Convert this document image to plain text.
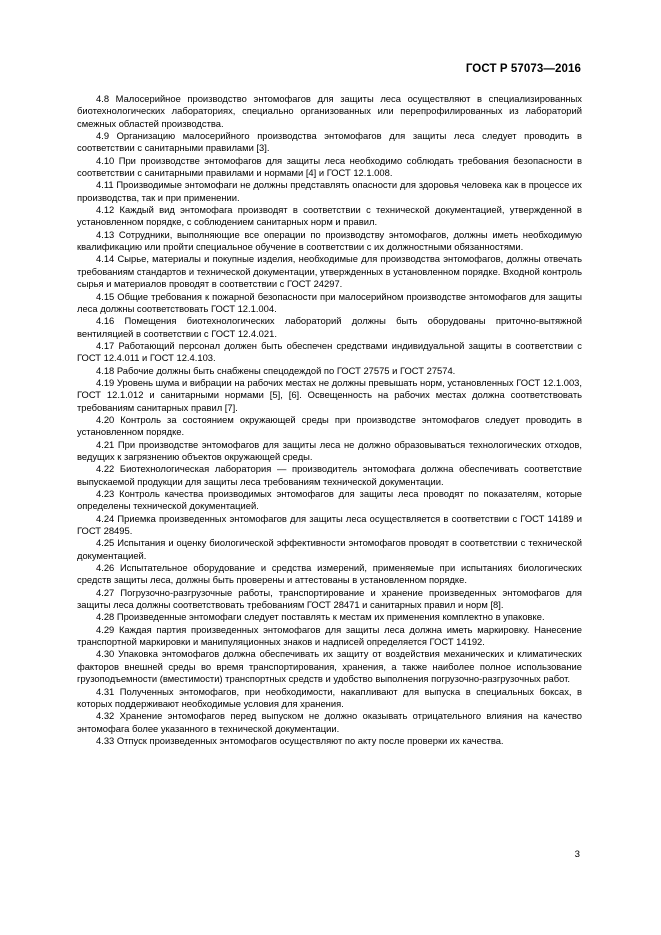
ГОСТ Р 57073—2016

4.8 Малосерийное производство энтомофагов для защиты леса осуществляют в специализированных биотехнологических лабораториях, специально организованных или перепрофилированных из лабораторий смежных областей производства.

4.9 Организацию малосерийного производства энтомофагов для защиты леса следует проводить в соответствии с санитарными правилами [3].

4.10 При производстве энтомофагов для защиты леса необходимо соблюдать требования безопасности в соответствии с санитарными правилами и нормами [4] и ГОСТ 12.1.008.

4.11 Производимые энтомофаги не должны представлять опасности для здоровья человека как в процессе их производства, так и при применении.

4.12 Каждый вид энтомофага производят в соответствии с технической документацией, утвержденной в установленном порядке, с соблюдением санитарных норм и правил.

4.13 Сотрудники, выполняющие все операции по производству энтомофагов, должны иметь необходимую квалификацию или пройти специальное обучение в соответствии с их должностными обязанностями.

4.14 Сырье, материалы и покупные изделия, необходимые для производства энтомофагов, должны отвечать требованиям стандартов и технической документации, утвержденных в установленном порядке. Входной контроль сырья и материалов проводят в соответствии с ГОСТ 24297.

4.15 Общие требования к пожарной безопасности при малосерийном производстве энтомофагов для защиты леса должны соответствовать ГОСТ 12.1.004.

4.16 Помещения биотехнологических лабораторий должны быть оборудованы приточно-вытяжной вентиляцией в соответствии с ГОСТ 12.4.021.

4.17 Работающий персонал должен быть обеспечен средствами индивидуальной защиты в соответствии с ГОСТ 12.4.011 и ГОСТ 12.4.103.

4.18 Рабочие должны быть снабжены спецодеждой по ГОСТ 27575 и ГОСТ 27574.

4.19 Уровень шума и вибрации на рабочих местах не должны превышать норм, установленных ГОСТ 12.1.003, ГОСТ 12.1.012 и санитарными нормами [5], [6]. Освещенность на рабочих местах должна соответствовать требованиям санитарных правил [7].

4.20 Контроль за состоянием окружающей среды при производстве энтомофагов следует проводить в установленном порядке.

4.21 При производстве энтомофагов для защиты леса не должно образовываться технологических отходов, ведущих к загрязнению объектов окружающей среды.

4.22 Биотехнологическая лаборатория — производитель энтомофага должна обеспечивать соответствие выпускаемой продукции для защиты леса требованиям технической документации.

4.23 Контроль качества производимых энтомофагов для защиты леса проводят по показателям, которые определены технической документацией.

4.24 Приемка произведенных энтомофагов для защиты леса осуществляется в соответствии с ГОСТ 14189 и ГОСТ 28495.

4.25 Испытания и оценку биологической эффективности энтомофагов проводят в соответствии с технической документацией.

4.26 Испытательное оборудование и средства измерений, применяемые при испытаниях биологических средств защиты леса, должны быть проверены и аттестованы в установленном порядке.

4.27 Погрузочно-разгрузочные работы, транспортирование и хранение произведенных энтомофагов для защиты леса должны соответствовать требованиям ГОСТ 28471 и санитарных правил и норм [8].

4.28 Произведенные энтомофаги следует поставлять к местам их применения комплектно в упаковке.

4.29 Каждая партия произведенных энтомофагов для защиты леса должна иметь маркировку. Нанесение транспортной маркировки и манипуляционных знаков и надписей определяется ГОСТ 14192.

4.30 Упаковка энтомофагов должна обеспечивать их защиту от воздействия механических и климатических факторов внешней среды во время транспортирования, хранения, а также наиболее полное использование грузоподъемности (вместимости) транспортных средств и удобство выполнения погрузочно-разгрузочных работ.

4.31 Полученных энтомофагов, при необходимости, накапливают для выпуска в специальных боксах, в которых поддерживают необходимые условия для хранения.

4.32 Хранение энтомофагов перед выпуском не должно оказывать отрицательного влияния на качество энтомофага более указанного в технической документации.

4.33 Отпуск произведенных энтомофагов осуществляют по акту после проверки их качества.

3
